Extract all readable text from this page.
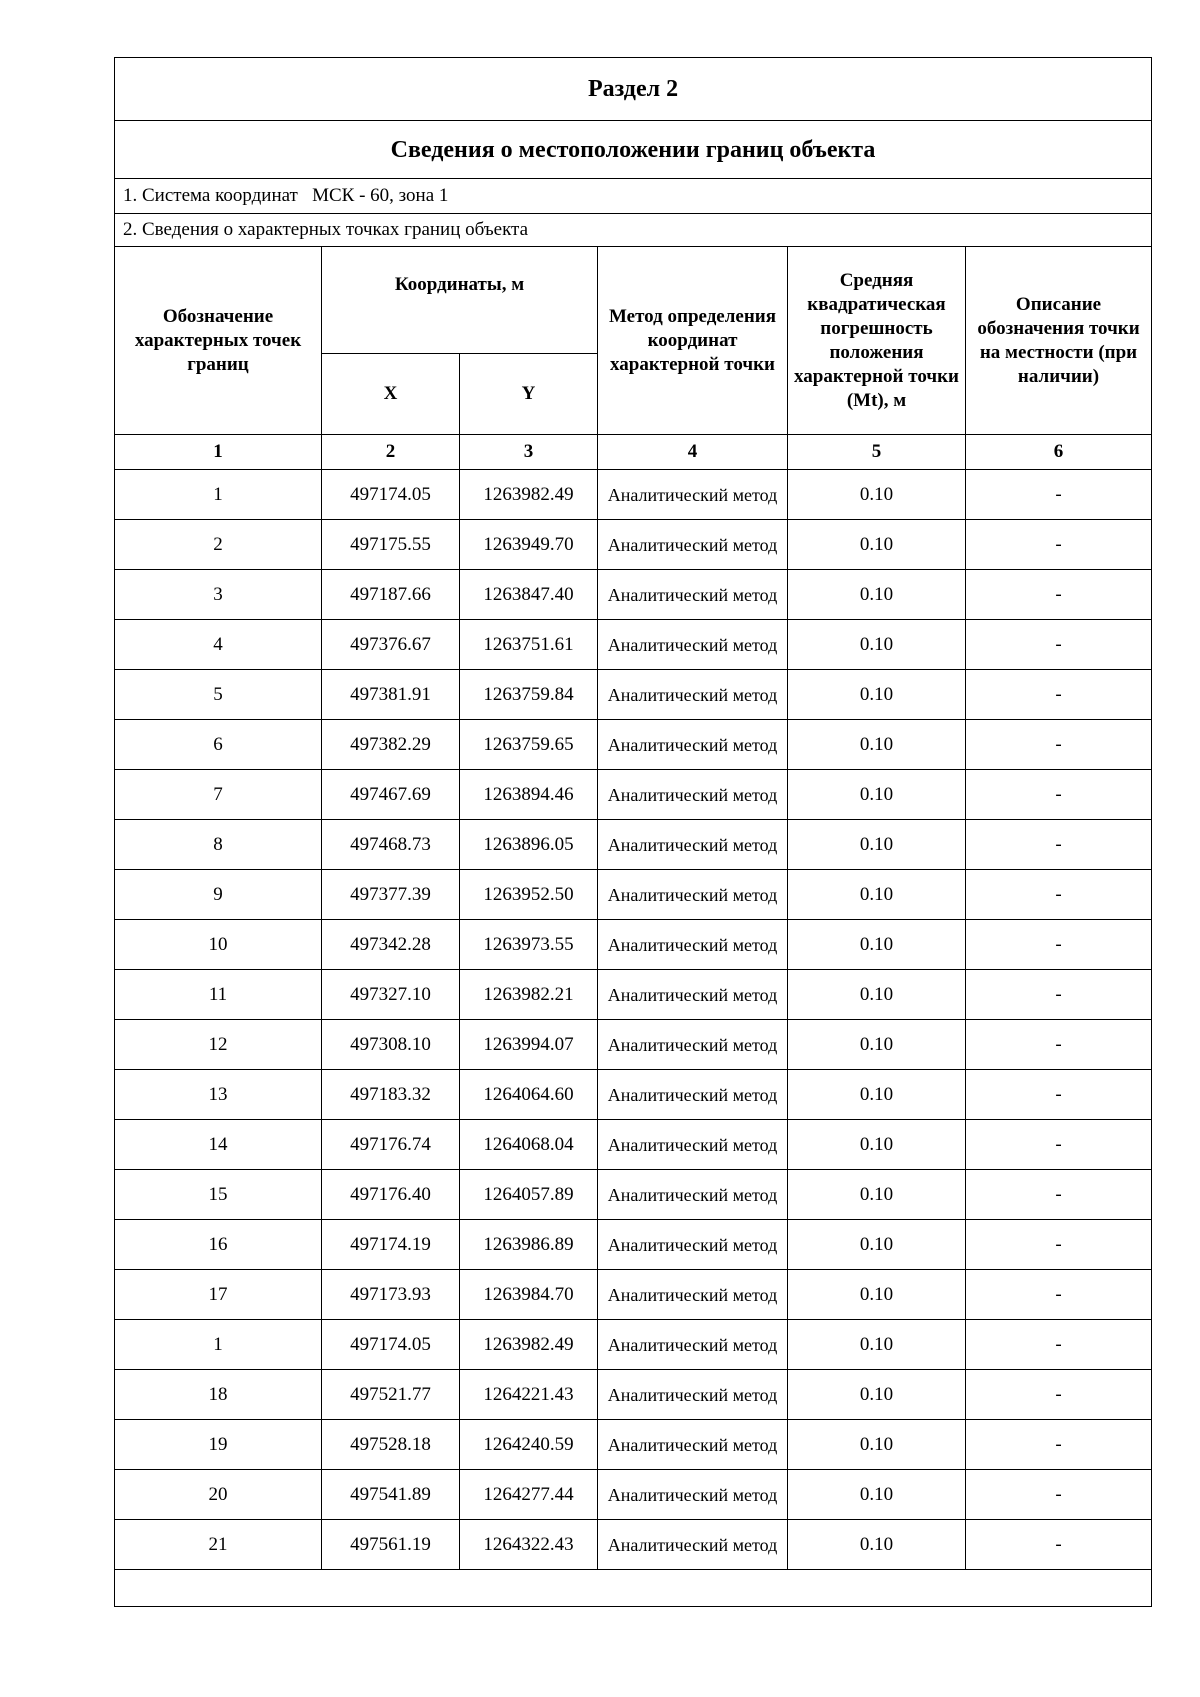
Раздел 2					
Сведения о местоположении границ объекта					
1. Система координат   МСК - 60, зона 1					
2. Сведения о характерных точках границ объекта					
Обозначение характерных точек границ	Координаты, м		Метод определения координат характерной точки	Средняя квадратическая погрешность положения характерной точки (Mt), м	Описание обозначения точки на местности (при наличии)
	X	Y			
1	2	3	4	5	6
1	497174.05	1263982.49	Аналитический метод	0.10	-
2	497175.55	1263949.70	Аналитический метод	0.10	-
3	497187.66	1263847.40	Аналитический метод	0.10	-
4	497376.67	1263751.61	Аналитический метод	0.10	-
5	497381.91	1263759.84	Аналитический метод	0.10	-
6	497382.29	1263759.65	Аналитический метод	0.10	-
7	497467.69	1263894.46	Аналитический метод	0.10	-
8	497468.73	1263896.05	Аналитический метод	0.10	-
9	497377.39	1263952.50	Аналитический метод	0.10	-
10	497342.28	1263973.55	Аналитический метод	0.10	-
11	497327.10	1263982.21	Аналитический метод	0.10	-
12	497308.10	1263994.07	Аналитический метод	0.10	-
13	497183.32	1264064.60	Аналитический метод	0.10	-
14	497176.74	1264068.04	Аналитический метод	0.10	-
15	497176.40	1264057.89	Аналитический метод	0.10	-
16	497174.19	1263986.89	Аналитический метод	0.10	-
17	497173.93	1263984.70	Аналитический метод	0.10	-
1	497174.05	1263982.49	Аналитический метод	0.10	-
18	497521.77	1264221.43	Аналитический метод	0.10	-
19	497528.18	1264240.59	Аналитический метод	0.10	-
20	497541.89	1264277.44	Аналитический метод	0.10	-
21	497561.19	1264322.43	Аналитический метод	0.10	-
